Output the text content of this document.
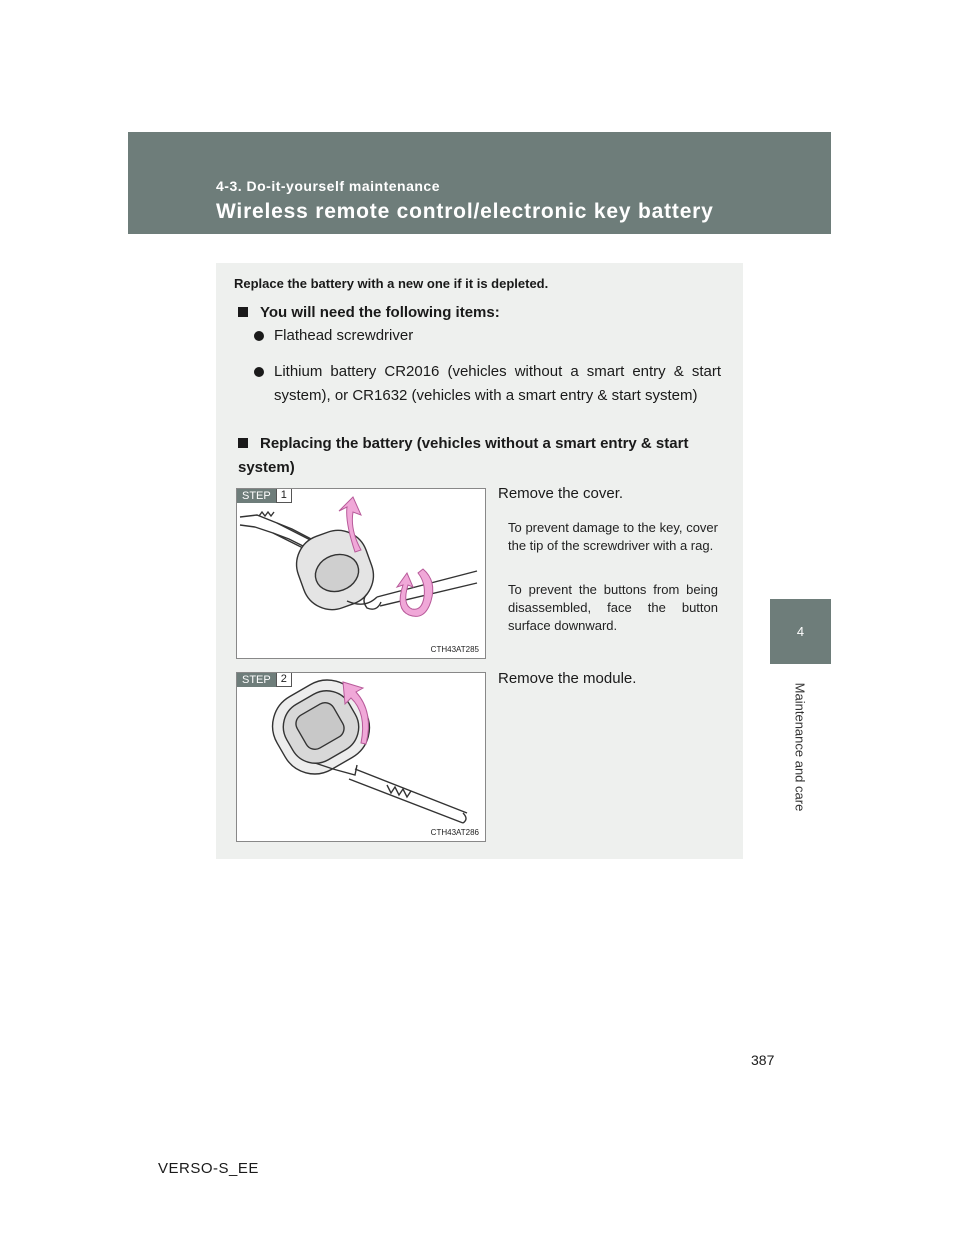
4-3. Do-it-yourself maintenance
Wireless remote control/electronic key battery
4
Maintenance and care
Replace the battery with a new one if it is depleted.
You will need the following items:
Flathead screwdriver
Lithium battery CR2016 (vehicles without a smart entry & start system), or CR1632 (vehicles with a smart entry & start system)
Replacing the battery (vehicles without a smart entry & start system)
STEP 1
CTH43AT285
Remove the cover.
To prevent damage to the key, cover the tip of the screwdriver with a rag.
To prevent the buttons from being disassembled, face the button surface downward.
STEP 2
CTH43AT286
Remove the module.
387
VERSO-S_EE
